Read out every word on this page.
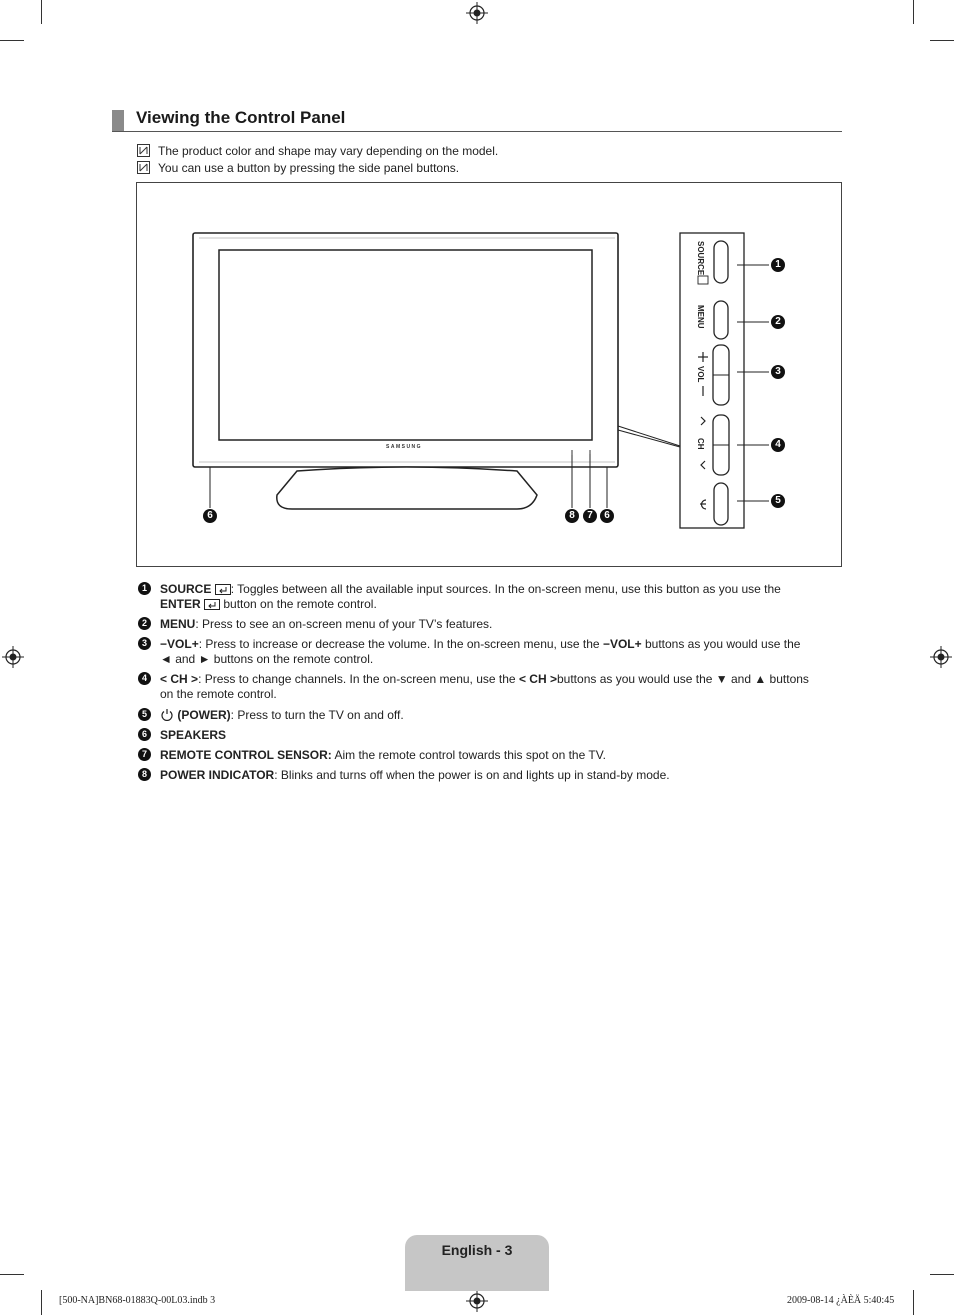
Viewing the Control Panel
The product color and shape may vary depending on the model.
You can use a button by pressing the side panel buttons.
SAMSUNG
SOURCE
MENU
VOL
CH
1
2
3
4
5
6	8	7	6
1	SOURCE : Toggles between all the available input sources. In the on-screen menu, use this button as you use the
ENTER  button on the remote control.
2	MENU: Press to see an on-screen menu of your TV’s features.
3	−VOL+: Press to increase or decrease the volume. In the on-screen menu, use the −VOL+ buttons as you would use the
◄ and ► buttons on the remote control.
4	< CH >: Press to change channels. In the on-screen menu, use the < CH >buttons as you would use the ▼ and ▲ buttons
on the remote control.
5	(POWER): Press to turn the TV on and off.
6	SPEAKERS
7	REMOTE CONTROL SENSOR: Aim the remote control towards this spot on the TV.
8	POWER INDICATOR: Blinks and turns off when the power is on and lights up in stand-by mode.
English - 3
[500-NA]BN68-01883Q-00L03.indb 3	2009-08-14 ¿ÀÈÄ 5:40:45
